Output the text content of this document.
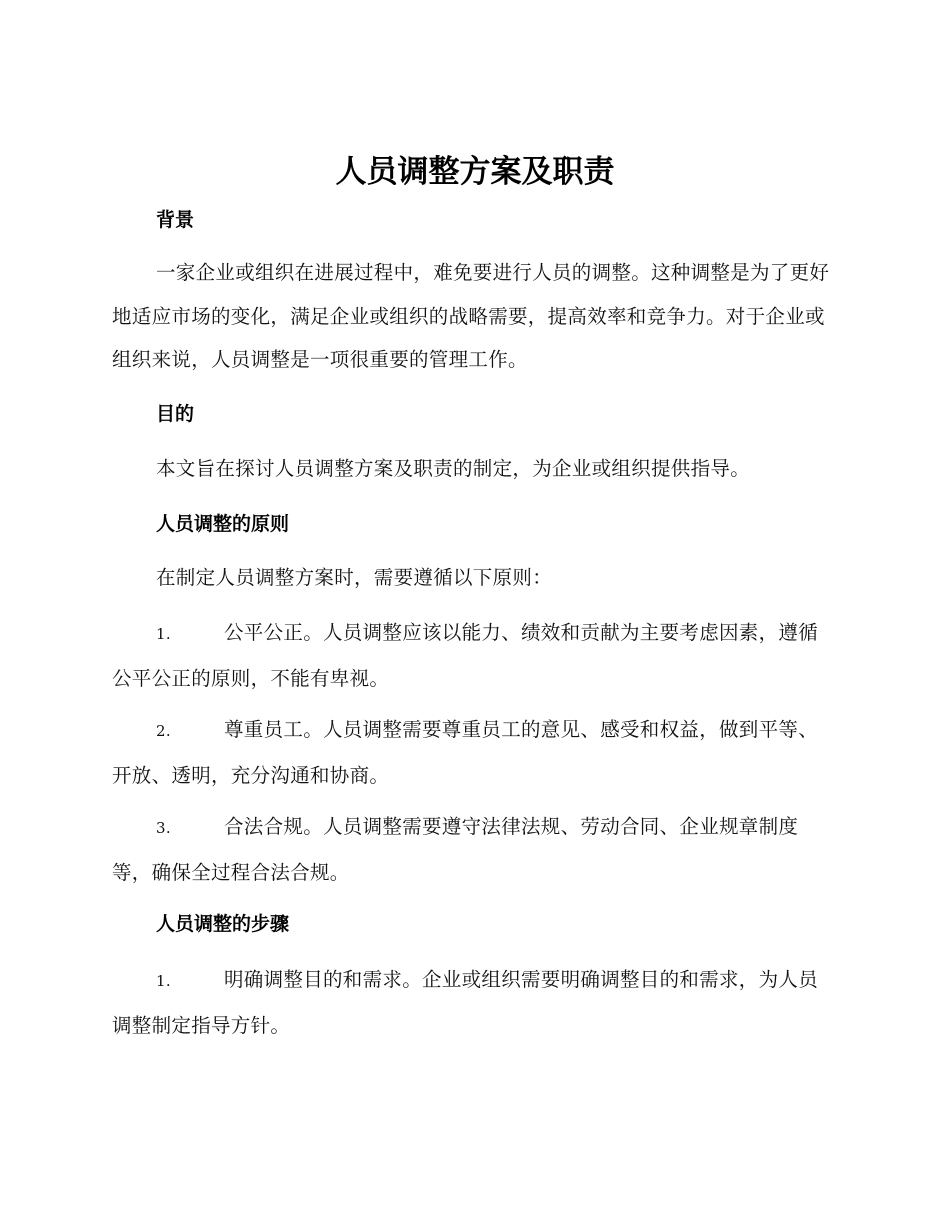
人员调整方案及职责
背景

一家企业或组织在进展过程中，难免要进行人员的调整。这种调整是为了更好地适应市场的变化，满足企业或组织的战略需要，提高效率和竞争力。对于企业或组织来说，人员调整是一项很重要的管理工作。

目的

本文旨在探讨人员调整方案及职责的制定，为企业或组织提供指导。

人员调整的原则

在制定人员调整方案时，需要遵循以下原则：

1.	公平公正。人员调整应该以能力、绩效和贡献为主要考虑因素，遵循公平公正的原则，不能有卑视。

2.	尊重员工。人员调整需要尊重员工的意见、感受和权益，做到平等、开放、透明，充分沟通和协商。

3.	合法合规。人员调整需要遵守法律法规、劳动合同、企业规章制度等，确保全过程合法合规。

人员调整的步骤

1.	明确调整目的和需求。企业或组织需要明确调整目的和需求，为人员调整制定指导方针。
